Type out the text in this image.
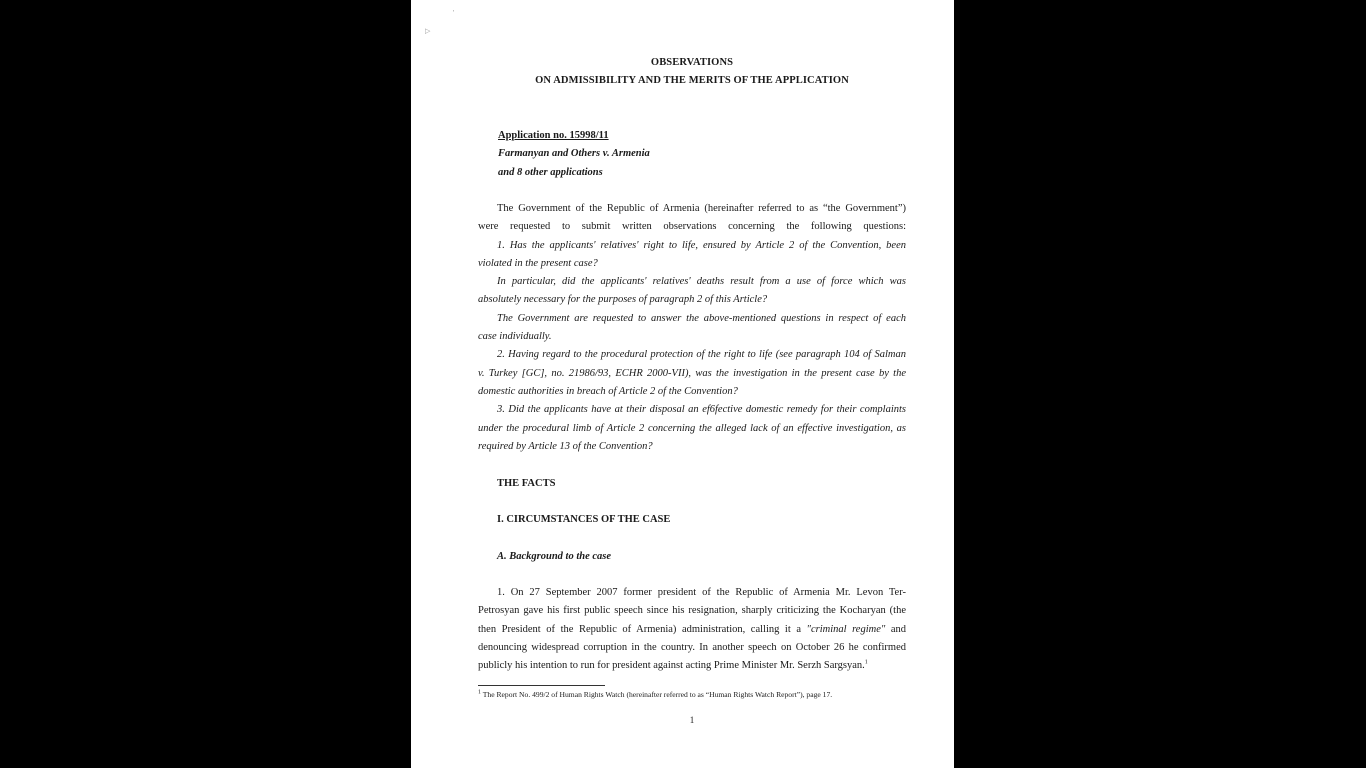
'
▷
OBSERVATIONS
ON ADMISSIBILITY AND THE MERITS OF THE APPLICATION
Application no. 15998/11
Farmanyan and Others v. Armenia
and 8 other applications
The Government of the Republic of Armenia (hereinafter referred to as “the Government”)
were requested to submit written observations concerning the following questions:
1. Has the applicants' relatives' right to life, ensured by Article 2 of the Convention, been
violated in the present case?
In particular, did the applicants' relatives' deaths result from a use of force which was
absolutely necessary for the purposes of paragraph 2 of this Article?
The Government are requested to answer the above-mentioned questions in respect of each
case individually.
2. Having regard to the procedural protection of the right to life (see paragraph 104 of Salman
v. Turkey [GC], no. 21986/93, ECHR 2000-VII), was the investigation in the present case by the
domestic authorities in breach of Article 2 of the Convention?
3. Did the applicants have at their disposal an ef6fective domestic remedy for their complaints
under the procedural limb of Article 2 concerning the alleged lack of an effective investigation, as
required by Article 13 of the Convention?
THE FACTS
I. CIRCUMSTANCES OF THE CASE
A. Background to the case
1. On 27 September 2007 former president of the Republic of Armenia Mr. Levon Ter-
Petrosyan gave his first public speech since his resignation, sharply criticizing the Kocharyan (the
then President of the Republic of Armenia) administration, calling it a "criminal regime" and
denouncing widespread corruption in the country. In another speech on October 26 he confirmed
publicly his intention to run for president against acting Prime Minister Mr. Serzh Sargsyan.$^1$
$^1$ The Report No. 499/2 of Human Rights Watch (hereinafter referred to as “Human Rights Watch Report”), page 17.
1
